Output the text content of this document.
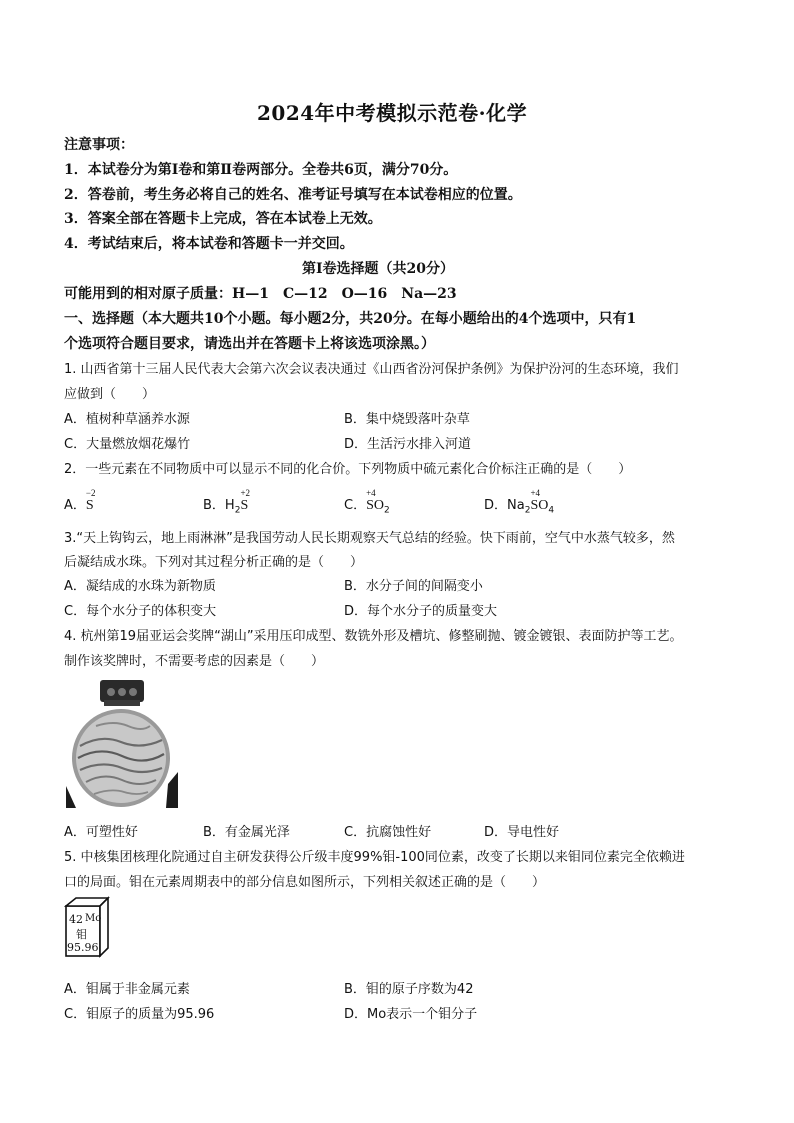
2024年中考模拟示范卷·化学
注意事项：
1．本试卷分为第Ⅰ卷和第Ⅱ卷两部分。全卷共6页，满分70分。
2．答卷前，考生务必将自己的姓名、准考证号填写在本试卷相应的位置。
3．答案全部在答题卡上完成，答在本试卷上无效。
4．考试结束后，将本试卷和答题卡一并交回。
第Ⅰ卷选择题（共20分）
可能用到的相对原子质量：H—1　C—12　O—16　Na—23
一、选择题（本大题共10个小题。每小题2分，共20分。在每小题给出的4个选项中，只有1
个选项符合题目要求，请选出并在答题卡上将该选项涂黑。）
1. 山西省第十三届人民代表大会第六次会议表决通过《山西省汾河保护条例》为保护汾河的生态环境，我们
应做到（　　）
A．植树种草涵养水源	B．集中烧毁落叶杂草
C．大量燃放烟花爆竹	D．生活污水排入河道
2．一些元素在不同物质中可以显示不同的化合价。下列物质中硫元素化合价标注正确的是（　　）
A．
−2
S	B．$H_2$
+2
S	C．
+4
$SO_2$	D．$Na_2$
+4
$SO_4$
3.“天上钩钩云，地上雨淋淋”是我国劳动人民长期观察天气总结的经验。快下雨前，空气中水蒸气较多，然
后凝结成水珠。下列对其过程分析正确的是（　　）
A．凝结成的水珠为新物质	B．水分子间的间隔变小
C．每个水分子的体积变大	D．每个水分子的质量变大
4. 杭州第19届亚运会奖牌“湖山”采用压印成型、数铣外形及槽坑、修整刷抛、镀金镀银、表面防护等工艺。
制作该奖牌时，不需要考虑的因素是（　　）
A．可塑性好	B．有金属光泽	C．抗腐蚀性好	D．导电性好
5. 中核集团核理化院通过自主研发获得公斤级丰度99%钼-100同位素，改变了长期以来钼同位素完全依赖进
口的局面。钼在元素周期表中的部分信息如图所示，下列相关叙述正确的是（　　）
42 Mo
钼
95.96
A．钼属于非金属元素	B．钼的原子序数为42
C．钼原子的质量为95.96	D．Mo表示一个钼分子
